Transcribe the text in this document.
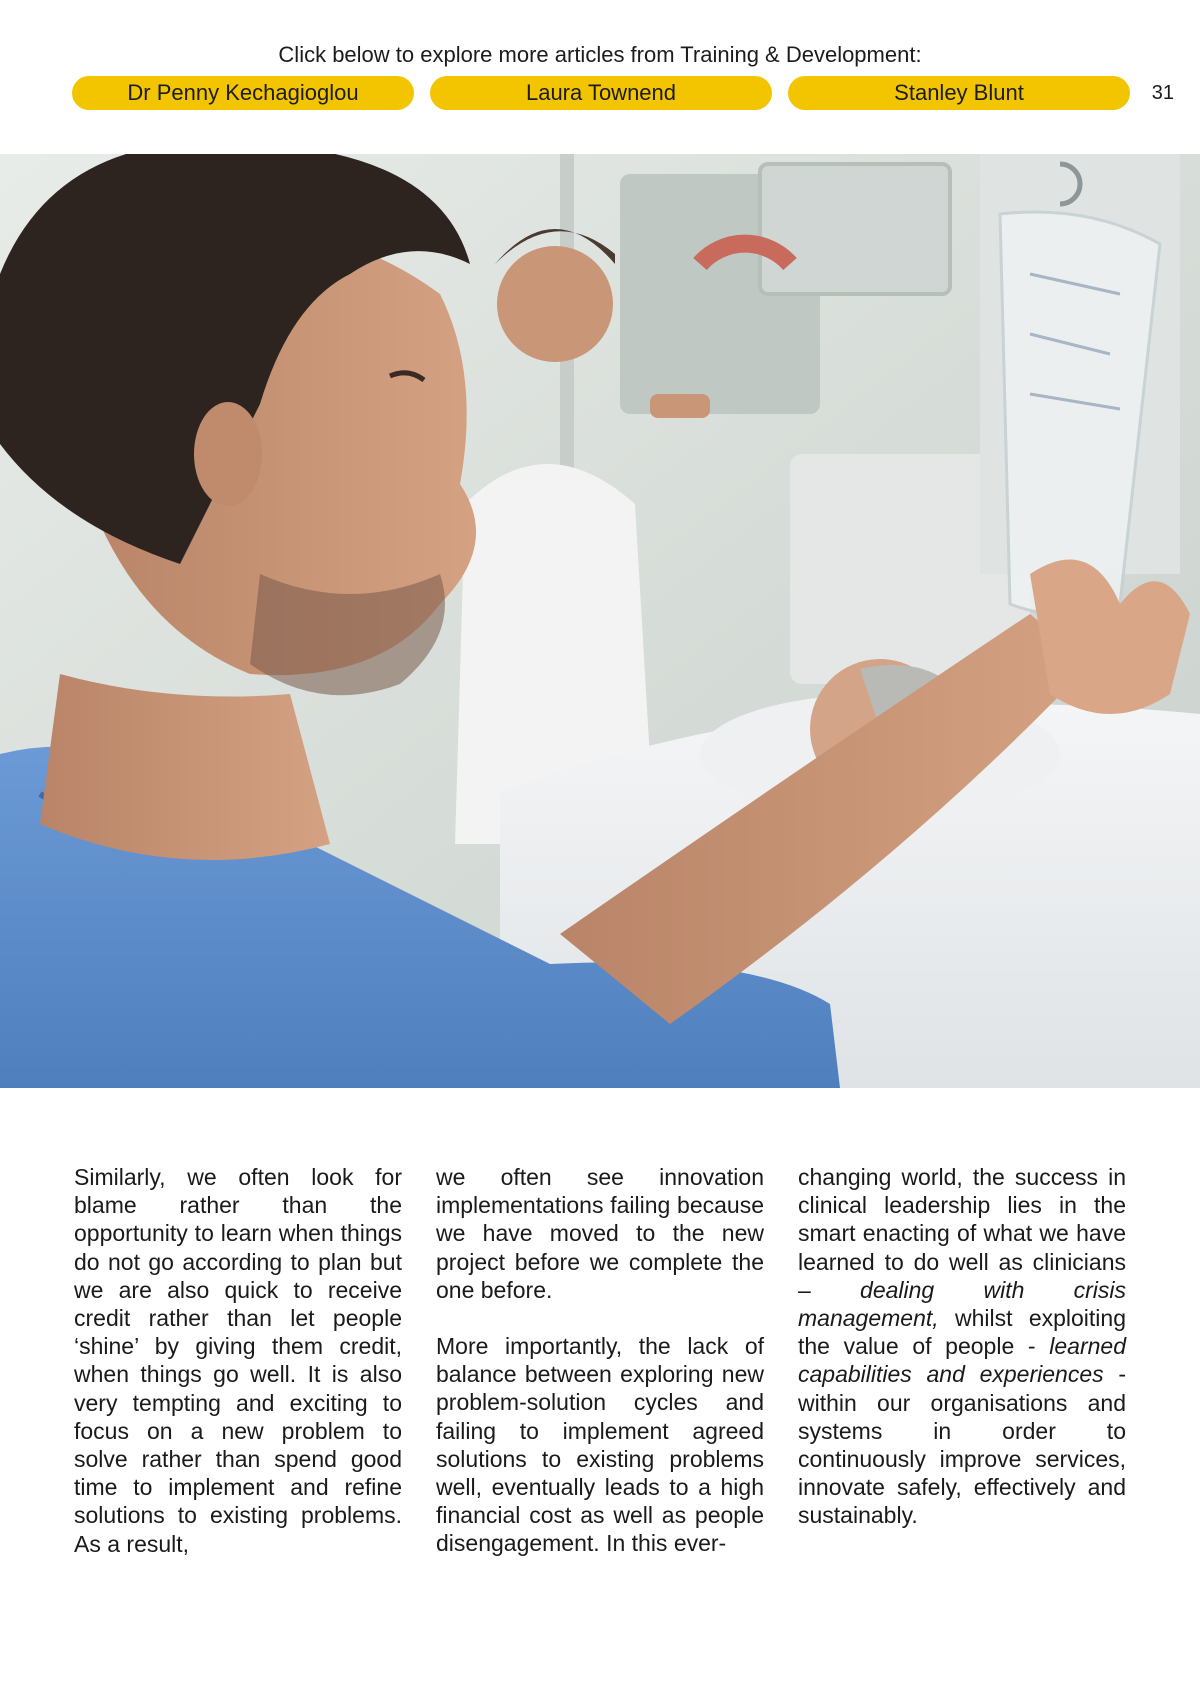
Click below to explore more articles from Training & Development:
Dr Penny Kechagioglou	Laura Townend	Stanley Blunt	31

Similarly, we often look for blame rather than the opportunity to learn when things do not go according to plan but we are also quick to receive credit rather than let people ‘shine’ by giving them credit, when things go well. It is also very tempting and exciting to focus on a new problem to solve rather than spend good time to implement and refine solutions to existing problems. As a result,

we often see innovation implementations failing because we have moved to the new project before we complete the one before.

More importantly, the lack of balance between exploring new problem-solution cycles and failing to implement agreed solutions to existing problems well, eventually leads to a high financial cost as well as people disengagement. In this ever-

changing world, the success in clinical leadership lies in the smart enacting of what we have learned to do well as clinicians – dealing with crisis management, whilst exploiting the value of people - learned capabilities and experiences - within our organisations and systems in order to continuously improve services, innovate safely, effectively and sustainably.
